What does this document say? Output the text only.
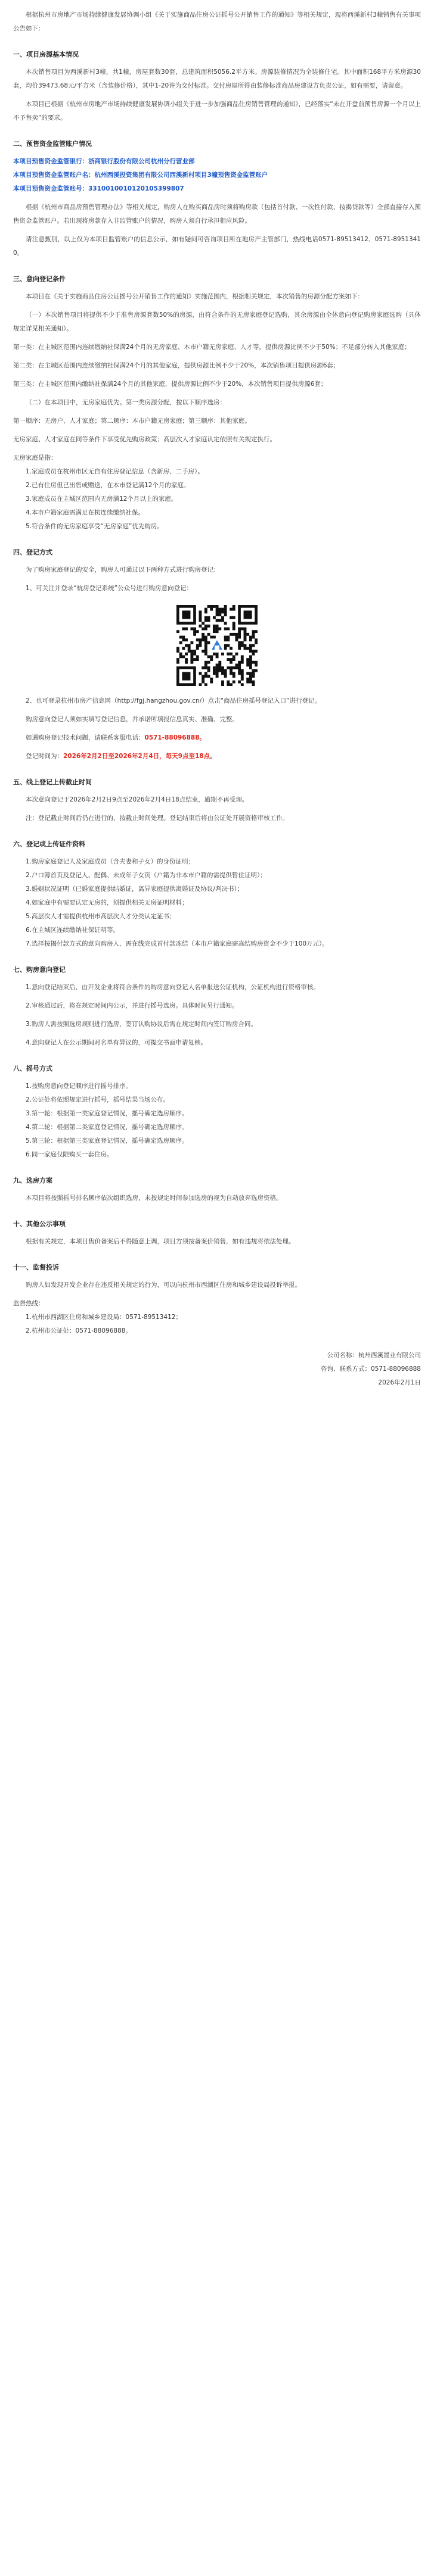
根据杭州市房地产市场持续健康发展协调小组《关于实施商品住房公证摇号公开销售工作的通知》等相关规定，现将西溪新村3幢销售有关事项公告如下：

一、项目房源基本情况

本次销售项目为西溪新村3幢，共1幢，房屋套数30套，总建筑面积5056.2平方米。房源装修情况为全装修住宅。其中面积168平方米房源30套，均价39473.68元/平方米（含装修价格），其中1-20许为交付标准。交付房屋所得由装修标准商品房建设方负责公证，如有需要，请留意。

本项目已根据《杭州市房地产市场持续健康发展协调小组关于进一步加强商品住房销售管理的通知》，已经落实“未在开盘前预售房源一个月以上不予售卖”的要求。

二、预售资金监管账户情况

本项目预售资金监管银行：浙商银行股份有限公司杭州分行营业部

本项目预售资金监管账户名：杭州西溪投资集团有限公司西溪新村项目3幢预售资金监管账户

本项目预售资金监管账号：3310010010120105399807

根据《杭州市商品房预售管理办法》等相关规定，购房人在购买商品房时须将购房款（包括首付款、一次性付款、按揭贷款等）全部直接存入预售资金监管账户。若出现将房款存入非监管账户的情况，购房人须自行承担相应风险。

请注意甄别，以上仅为本项目监管账户的信息公示，如有疑问可咨询项目所在地房产主管部门，热线电话0571-89513412、0571-89513410。

三、意向登记条件

本项目在《关于实施商品住房公证摇号公开销售工作的通知》实施范围内，根据相关规定，本次销售的房源分配方案如下：

（一）本次销售项目将提供不少于准售房源套数50%的房源，由符合条件的无房家庭登记选购，其余房源由全体意向登记购房家庭选购（具体规定详见相关通知）。

第一类：在主城区范围内连续缴纳社保满24个月的无房家庭、本市户籍无房家庭、人才等，提供房源比例不少于50%；不足部分转入其他家庭；

第二类：在主城区范围内连续缴纳社保满24个月的其他家庭，提供房源比例不少于20%，本次销售项目提供房源6套；

第三类：在主城区范围内缴纳社保满24个月的其他家庭，提供房源比例不少于20%，本次销售项目提供房源6套；

（二）在本项目中，无房家庭优先。第一类房源分配，按以下顺序选房：

第一顺序：无房户、人才家庭；第二顺序：本市户籍无房家庭；第三顺序：其他家庭。

无房家庭、人才家庭在同等条件下享受优先购房政策；高层次人才家庭认定依照有关规定执行。

无房家庭是指：

1.家庭成员在杭州市区无自有住房登记信息（含新房、二手房）。

2.已有住房但已出售或赠送，在本市登记满12个月的家庭。

3.家庭成员在主城区范围内无房满12个月以上的家庭。

4.本市户籍家庭需满足在杭连续缴纳社保。

5.符合条件的无房家庭享受“无房家庭”优先购房。

四、登记方式

为了购房家庭登记的安全，购房人可通过以下两种方式进行购房登记：

1、可关注并登录“杭房登记系统”公众号进行购房意向登记：

2、也可登录杭州市房产信息网（http://fgj.hangzhou.gov.cn/）点击“商品住房摇号登记入口”进行登记。

购房意向登记人须如实填写登记信息，并承诺所填报信息真实、准确、完整。

如遇购房登记技术问题，请联系客服电话：0571-88096888。

登记时间为：2026年2月2日至2026年2月4日，每天9点至18点。

五、线上登记上传截止时间

本次意向登记于2026年2月2日9点至2026年2月4日18点结束，逾期不再受理。

注：登记截止时间后仍在进行的，按截止时间处理。登记结束后将由公证处开展资格审核工作。

六、登记或上传证件资料

1.购房家庭登记人及家庭成员（含夫妻和子女）的身份证明；

2.户口簿首页及登记人、配偶、未成年子女页（户籍为非本市户籍的需提供暂住证明）；

3.婚姻状况证明（已婚家庭提供结婚证，离异家庭提供离婚证及协议/判决书）；

4.如家庭中有需要认定无房的，须提供相关无房证明材料；

5.高层次人才需提供杭州市高层次人才分类认定证书；

6.在主城区连续缴纳社保证明等。

7.选择按揭付款方式的意向购房人，需在线完成首付款冻结（本市户籍家庭需冻结购房资金不少于100万元）。

七、购房意向登记

1.意向登记结束后，由开发企业将符合条件的购房意向登记人名单报送公证机构，公证机构进行资格审核。

2.审核通过后，将在规定时间内公示，并进行摇号选房。具体时间另行通知。

3.购房人需按照选房规则进行选房，签订认购协议后需在规定时间内签订购房合同。

4.意向登记人在公示期间对名单有异议的，可提交书面申请复核。

八、摇号方式

1.按购房意向登记顺序进行摇号排序。

2.公证处将依照规定进行摇号，摇号结果当场公布。

3.第一轮：根据第一类家庭登记情况，摇号确定选房顺序。

4.第二轮：根据第二类家庭登记情况，摇号确定选房顺序。

5.第三轮：根据第三类家庭登记情况，摇号确定选房顺序。

6.同一家庭仅限购买一套住房。

九、选房方案

本项目将按照摇号排名顺序依次组织选房，未按规定时间参加选房的视为自动放弃选房资格。

十、其他公示事项

根据有关规定，本项目售价备案后不得随意上调，项目方须按备案价销售，如有违规将依法处理。

十一、监督投诉

购房人如发现开发企业存在违反相关规定的行为，可以向杭州市西湖区住房和城乡建设局投诉举报。

监督热线：

1.杭州市西湖区住房和城乡建设局：0571-89513412；

2.杭州市公证处：0571-88096888。

公司名称：杭州西溪置业有限公司

咨询、联系方式：0571-88096888

2026年2月1日
